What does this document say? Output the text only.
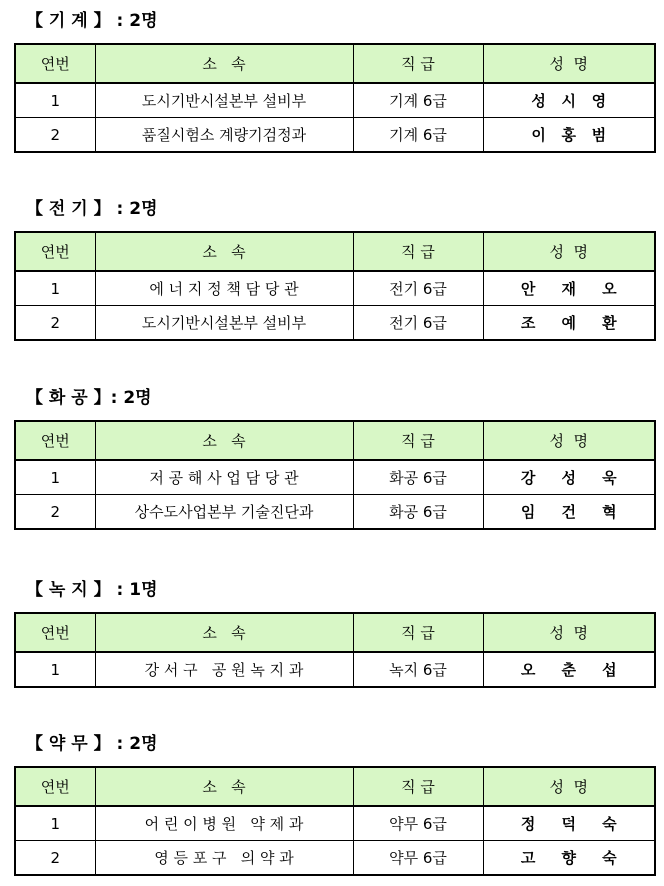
【 기 계 】 : 2명
연번	소   속	직 급	성  명
1	도시기반시설본부 설비부	기계 6급	성   시   영
2	품질시험소 계량기검정과	기계 6급	이   홍   범
【 전 기 】 : 2명
연번	소   속	직 급	성  명
1	에 너 지 정 책 담 당 관	전기 6급	안     재     오
2	도시기반시설본부 설비부	전기 6급	조     예     환
【 화 공 】: 2명
연번	소   속	직 급	성  명
1	저 공 해 사 업 담 당 관	화공 6급	강     성     욱
2	상수도사업본부 기술진단과	화공 6급	임     건     혁
【 녹 지 】 : 1명
연번	소   속	직 급	성  명
1	강 서 구   공 원 녹 지 과	녹지 6급	오     춘     섭
【 약 무 】 : 2명
연번	소   속	직 급	성  명
1	어 린 이 병 원   약 제 과	약무 6급	정     덕     숙
2	영 등 포 구   의 약 과	약무 6급	고     향     숙
